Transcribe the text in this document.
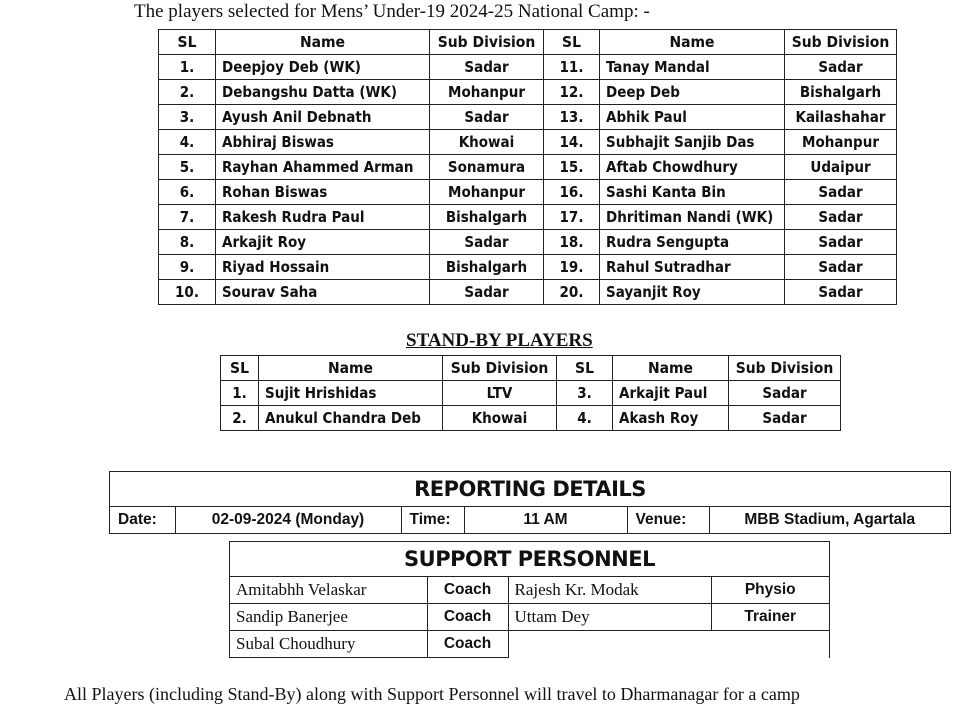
The players selected for Mens’ Under-19 2024-25 National Camp: -
SL	Name	Sub Division	SL	Name	Sub Division
1.	Deepjoy Deb (WK)	Sadar	11.	Tanay Mandal	Sadar
2.	Debangshu Datta (WK)	Mohanpur	12.	Deep Deb	Bishalgarh
3.	Ayush Anil Debnath	Sadar	13.	Abhik Paul	Kailashahar
4.	Abhiraj Biswas	Khowai	14.	Subhajit Sanjib Das	Mohanpur
5.	Rayhan Ahammed Arman	Sonamura	15.	Aftab Chowdhury	Udaipur
6.	Rohan Biswas	Mohanpur	16.	Sashi Kanta Bin	Sadar
7.	Rakesh Rudra Paul	Bishalgarh	17.	Dhritiman Nandi (WK)	Sadar
8.	Arkajit Roy	Sadar	18.	Rudra Sengupta	Sadar
9.	Riyad Hossain	Bishalgarh	19.	Rahul Sutradhar	Sadar
10.	Sourav Saha	Sadar	20.	Sayanjit Roy	Sadar
STAND-BY PLAYERS
SL	Name	Sub Division	SL	Name	Sub Division
1.	Sujit Hrishidas	LTV	3.	Arkajit Paul	Sadar
2.	Anukul Chandra Deb	Khowai	4.	Akash Roy	Sadar
REPORTING DETAILS
Date:	02-09-2024 (Monday)	Time:	11 AM	Venue:	MBB Stadium, Agartala
SUPPORT PERSONNEL
Amitabhh Velaskar	Coach	Rajesh Kr. Modak	Physio
Sandip Banerjee	Coach	Uttam Dey	Trainer
Subal Choudhury	Coach		
All Players (including Stand-By) along with Support Personnel will travel to Dharmanagar for a camp
